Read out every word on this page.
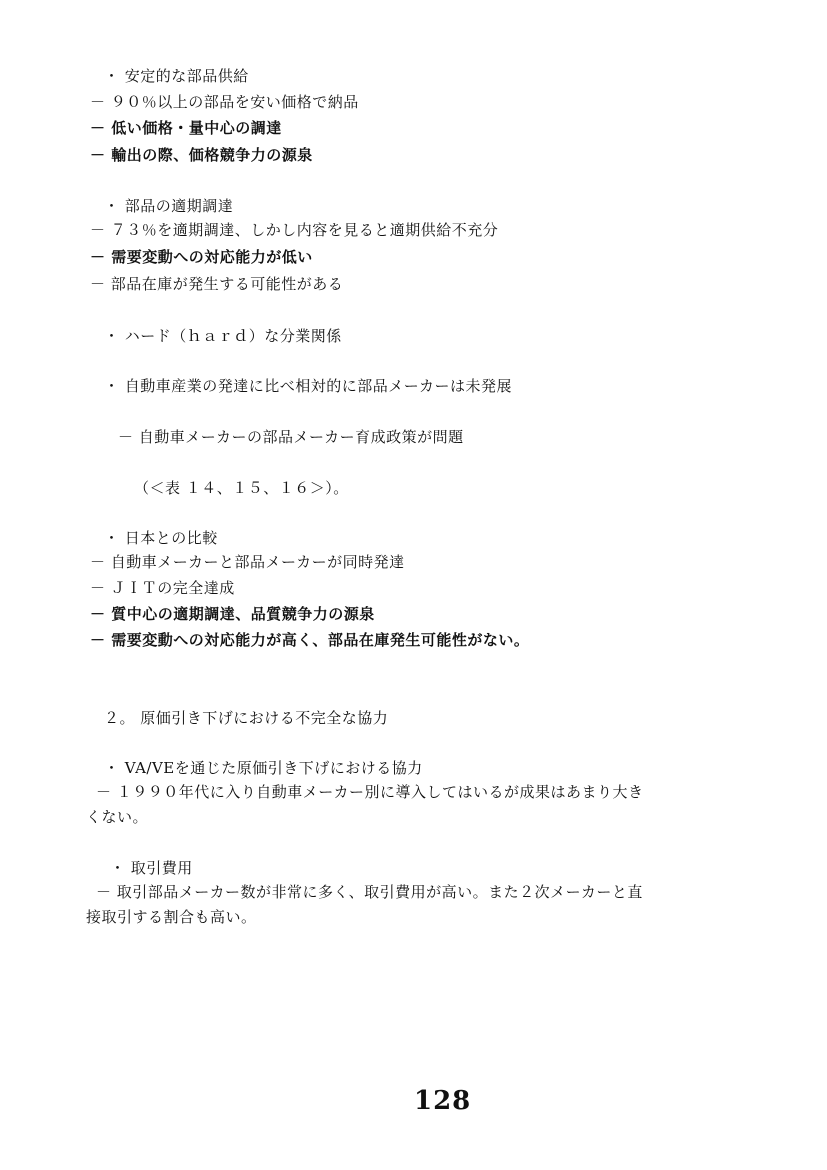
・ 安定的な部品供給
－ ９０％以上の部品を安い価格で納品
－ 低い価格・量中心の調達
－ 輸出の際、価格競争力の源泉
・ 部品の適期調達
－ ７３％を適期調達、しかし内容を見ると適期供給不充分
－ 需要変動への対応能力が低い
－ 部品在庫が発生する可能性がある
・ ハード（ｈａｒｄ）な分業関係
・ 自動車産業の発達に比べ相対的に部品メーカーは未発展
－ 自動車メーカーの部品メーカー育成政策が問題
（＜表 １４、１５、１６＞）。
・ 日本との比較
－ 自動車メーカーと部品メーカーが同時発達
－ ＪＩＴの完全達成
－ 質中心の適期調達、品質競争力の源泉
－ 需要変動への対応能力が高く、部品在庫発生可能性がない。
２。 原価引き下げにおける不完全な協力
・ VA/VEを通じた原価引き下げにおける協力
－ １９９０年代に入り自動車メーカー別に導入してはいるが成果はあまり大き
くない。
・ 取引費用
－ 取引部品メーカー数が非常に多く、取引費用が高い。また２次メーカーと直
接取引する割合も高い。
128
